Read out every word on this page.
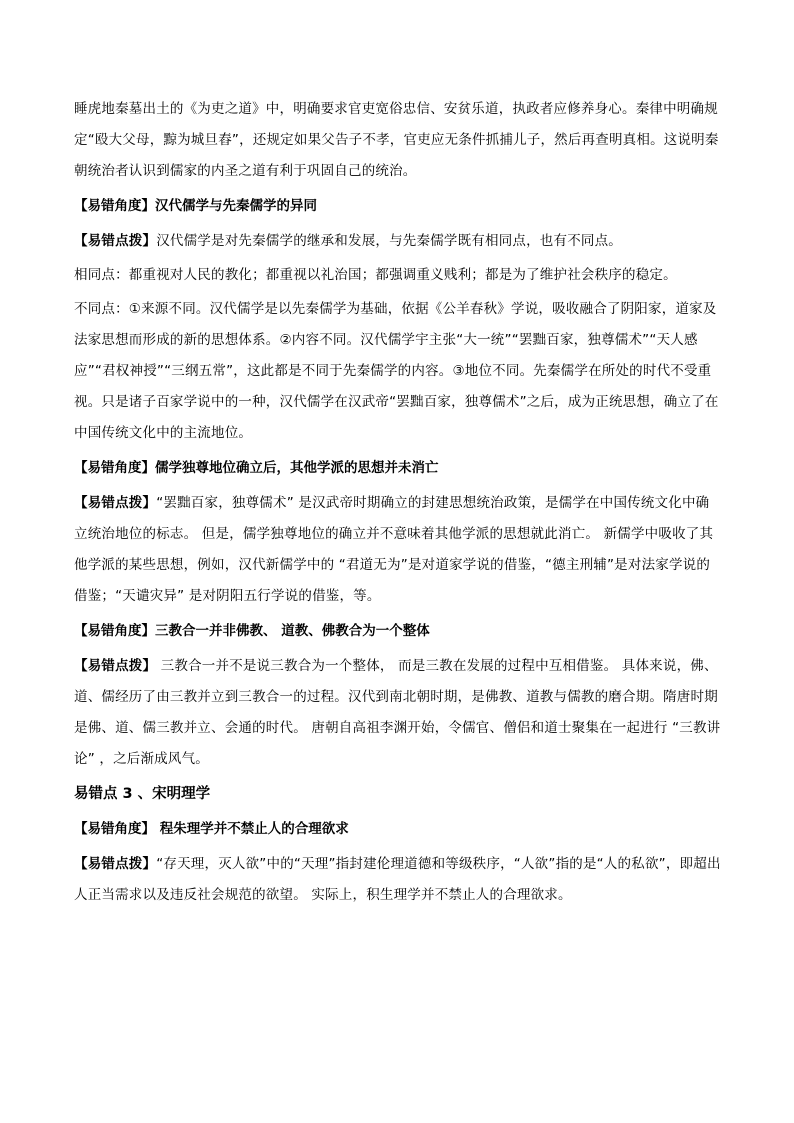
睡虎地秦墓出土的《为吏之道》中，明确要求官吏宽俗忠信、安贫乐道，执政者应修养身心。秦律中明确规定“殴大父母，黥为城旦舂”，还规定如果父告子不孝，官吏应无条件抓捕儿子，然后再查明真相。这说明秦朝统治者认识到儒家的内圣之道有利于巩固自己的统治。

【易错角度】汉代儒学与先秦儒学的异同

【易错点拨】汉代儒学是对先秦儒学的继承和发展，与先秦儒学既有相同点，也有不同点。

相同点：都重视对人民的教化；都重视以礼治国；都强调重义贱利；都是为了维护社会秩序的稳定。

不同点：①来源不同。汉代儒学是以先秦儒学为基础，依据《公羊春秋》学说，吸收融合了阴阳家，道家及法家思想而形成的新的思想体系。②内容不同。汉代儒学宇主张“大一统”“罢黜百家，独尊儒术”“天人感应”“君权神授”“三纲五常”，这此都是不同于先秦儒学的内容。③地位不同。先秦儒学在所处的时代不受重视。只是诸子百家学说中的一种，汉代儒学在汉武帝“罢黜百家，独尊儒术”之后，成为正统思想，确立了在中国传统文化中的主流地位。

【易错角度】儒学独尊地位确立后，其他学派的思想并未消亡

【易错点拨】“罢黜百家，独尊儒术” 是汉武帝时期确立的封建思想统治政策，是儒学在中国传统文化中确立统治地位的标志。 但是，儒学独尊地位的确立并不意味着其他学派的思想就此消亡。 新儒学中吸收了其他学派的某些思想，例如，汉代新儒学中的 “君道无为”是对道家学说的借鉴，“德主刑辅”是对法家学说的借鉴；“天谴灾异” 是对阴阳五行学说的借鉴，等。

【易错角度】三教合一并非佛教、 道教、佛教合为一个整体

【易错点拨】 三教合一并不是说三教合为一个整体， 而是三教在发展的过程中互相借鉴。 具体来说，佛、道、儒经历了由三教并立到三教合一的过程。汉代到南北朝时期，是佛教、道教与儒教的磨合期。隋唐时期是佛、道、儒三教并立、会通的时代。 唐朝自高祖李渊开始，令儒官、僧侣和道士聚集在一起进行 “三教讲论” ，之后渐成风气。

易错点 3 、宋明理学
【易错角度】 程朱理学并不禁止人的合理欲求

【易错点拨】“存天理，灭人欲”中的“天理”指封建伦理道德和等级秩序，“人欲”指的是“人的私欲”，即超出人正当需求以及违反社会规范的欲望。 实际上，积生理学并不禁止人的合理欲求。
